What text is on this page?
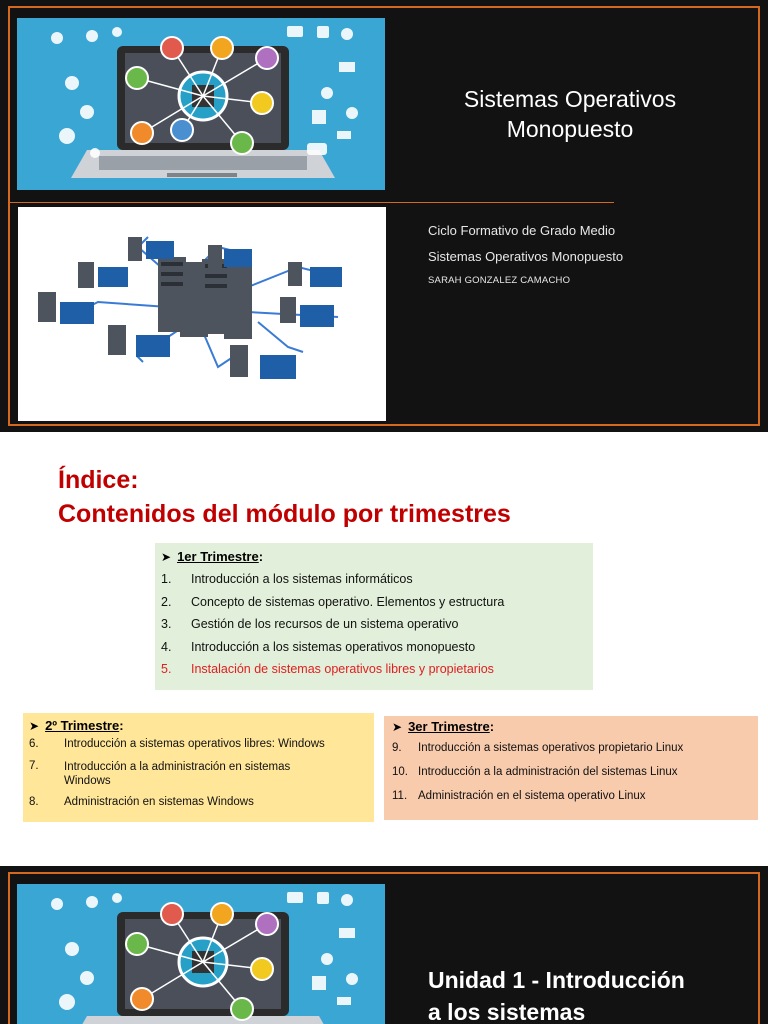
Sistemas Operativos Monopuesto
Ciclo Formativo de Grado Medio
Sistemas Operativos Monopuesto
SARAH GONZALEZ CAMACHO
Índice:
Contenidos del módulo por trimestres
➤ 1er Trimestre:
1.	Introducción a los sistemas informáticos
2.	Concepto de sistemas operativo. Elementos y estructura
3.	Gestión de los recursos de un sistema operativo
4.	Introducción a los sistemas operativos monopuesto
5.	Instalación de sistemas operativos libres y propietarios
➤ 2º Trimestre:
6.	Introducción a sistemas operativos libres: Windows
7.	Introducción a la administración en sistemas Windows
8.	Administración en sistemas Windows
➤ 3er Trimestre:
9.	Introducción a sistemas operativos propietario Linux
10. Introducción a la administración del sistemas Linux
11. Administración en el sistema operativo Linux
Unidad 1 - Introducción
a los sistemas
